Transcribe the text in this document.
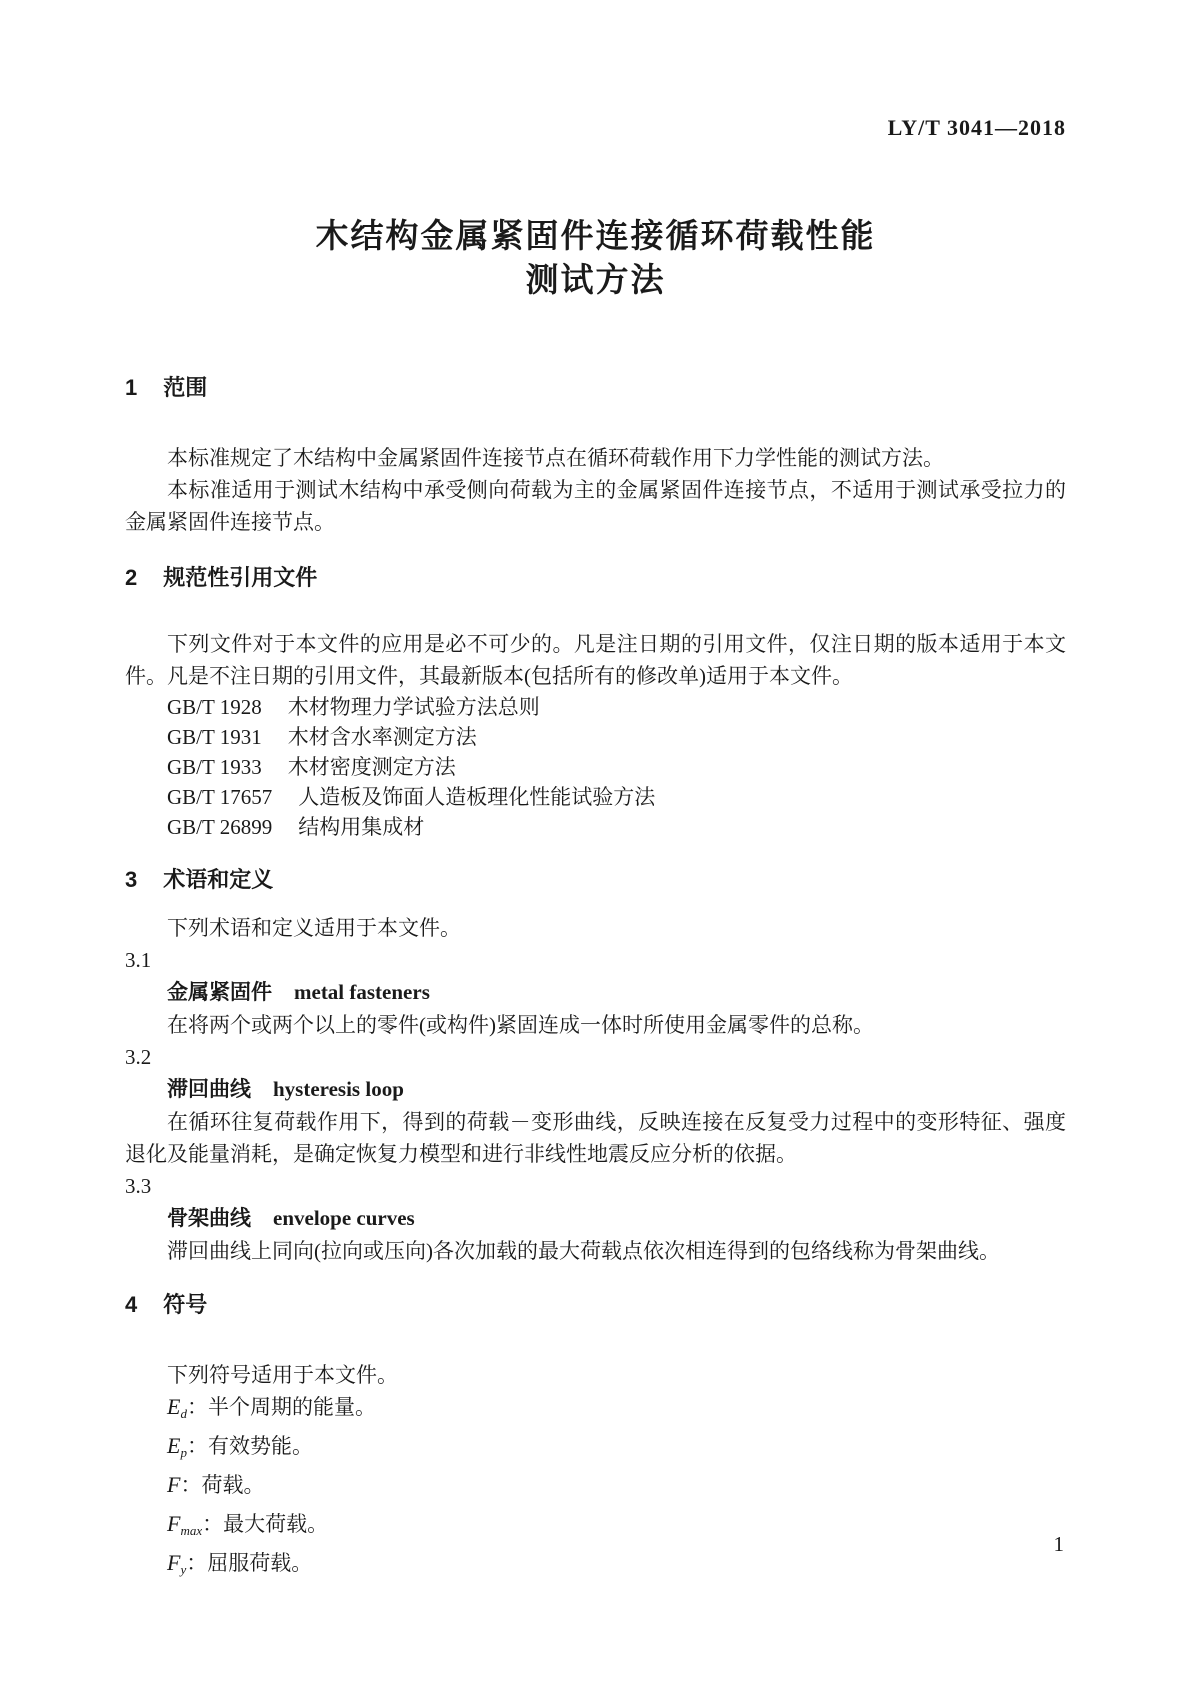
LY/T 3041—2018
木结构金属紧固件连接循环荷载性能
测试方法
1 范围

本标准规定了木结构中金属紧固件连接节点在循环荷载作用下力学性能的测试方法。

本标准适用于测试木结构中承受侧向荷载为主的金属紧固件连接节点，不适用于测试承受拉力的金属紧固件连接节点。

2 规范性引用文件

下列文件对于本文件的应用是必不可少的。凡是注日期的引用文件，仅注日期的版本适用于本文件。凡是不注日期的引用文件，其最新版本(包括所有的修改单)适用于本文件。

GB/T 1928 木材物理力学试验方法总则
GB/T 1931 木材含水率测定方法
GB/T 1933 木材密度测定方法
GB/T 17657 人造板及饰面人造板理化性能试验方法
GB/T 26899 结构用集成材
3 术语和定义

下列术语和定义适用于本文件。

3.1
金属紧固件 metal fasteners

在将两个或两个以上的零件(或构件)紧固连成一体时所使用金属零件的总称。

3.2
滞回曲线 hysteresis loop

在循环往复荷载作用下，得到的荷载－变形曲线，反映连接在反复受力过程中的变形特征、强度退化及能量消耗，是确定恢复力模型和进行非线性地震反应分析的依据。

3.3
骨架曲线 envelope curves

滞回曲线上同向(拉向或压向)各次加载的最大荷载点依次相连得到的包络线称为骨架曲线。

4 符号

下列符号适用于本文件。

Ed：半个周期的能量。
Ep：有效势能。
F：荷载。
Fmax：最大荷载。
Fy：屈服荷载。
1
